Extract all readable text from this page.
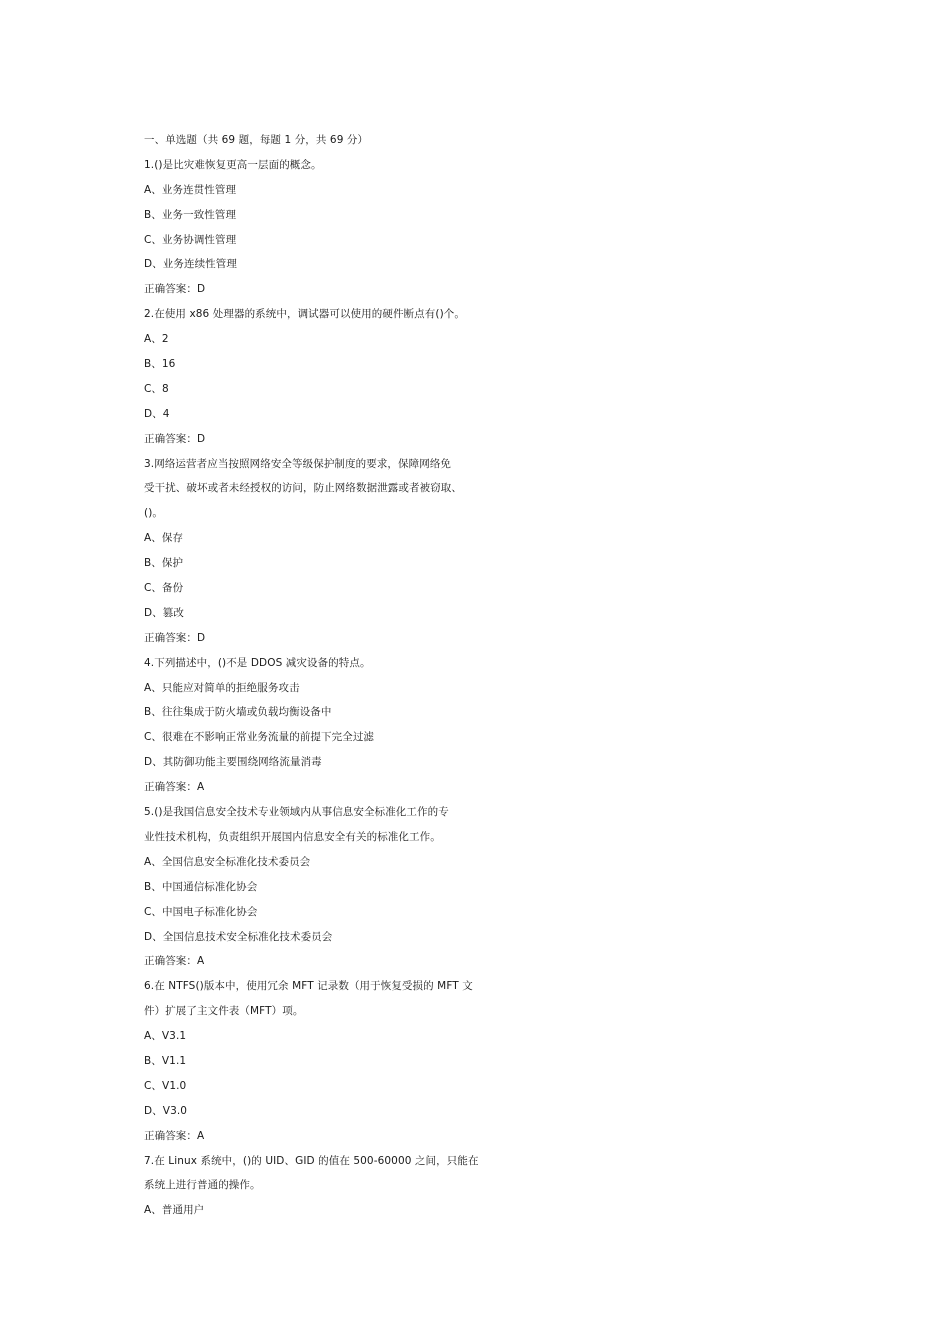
一、单选题（共 69 题，每题 1 分，共 69 分）
1.()是比灾难恢复更高一层面的概念。
A、业务连贯性管理
B、业务一致性管理
C、业务协调性管理
D、业务连续性管理
正确答案：D
2.在使用 x86 处理器的系统中，调试器可以使用的硬件断点有()个。
A、2
B、16
C、8
D、4
正确答案：D
3.网络运营者应当按照网络安全等级保护制度的要求，保障网络免
受干扰、破坏或者未经授权的访问，防止网络数据泄露或者被窃取、
()。
A、保存
B、保护
C、备份
D、篡改
正确答案：D
4.下列描述中，()不是 DDOS 减灾设备的特点。
A、只能应对简单的拒绝服务攻击
B、往往集成于防火墙或负载均衡设备中
C、很难在不影响正常业务流量的前提下完全过滤
D、其防御功能主要围绕网络流量消毒
正确答案：A
5.()是我国信息安全技术专业领域内从事信息安全标准化工作的专
业性技术机构，负责组织开展国内信息安全有关的标准化工作。
A、全国信息安全标准化技术委员会
B、中国通信标准化协会
C、中国电子标准化协会
D、全国信息技术安全标准化技术委员会
正确答案：A
6.在 NTFS()版本中，使用冗余 MFT 记录数（用于恢复受损的 MFT 文
件）扩展了主文件表（MFT）项。
A、V3.1
B、V1.1
C、V1.0
D、V3.0
正确答案：A
7.在 Linux 系统中，()的 UID、GID 的值在 500-60000 之间，只能在
系统上进行普通的操作。
A、普通用户
